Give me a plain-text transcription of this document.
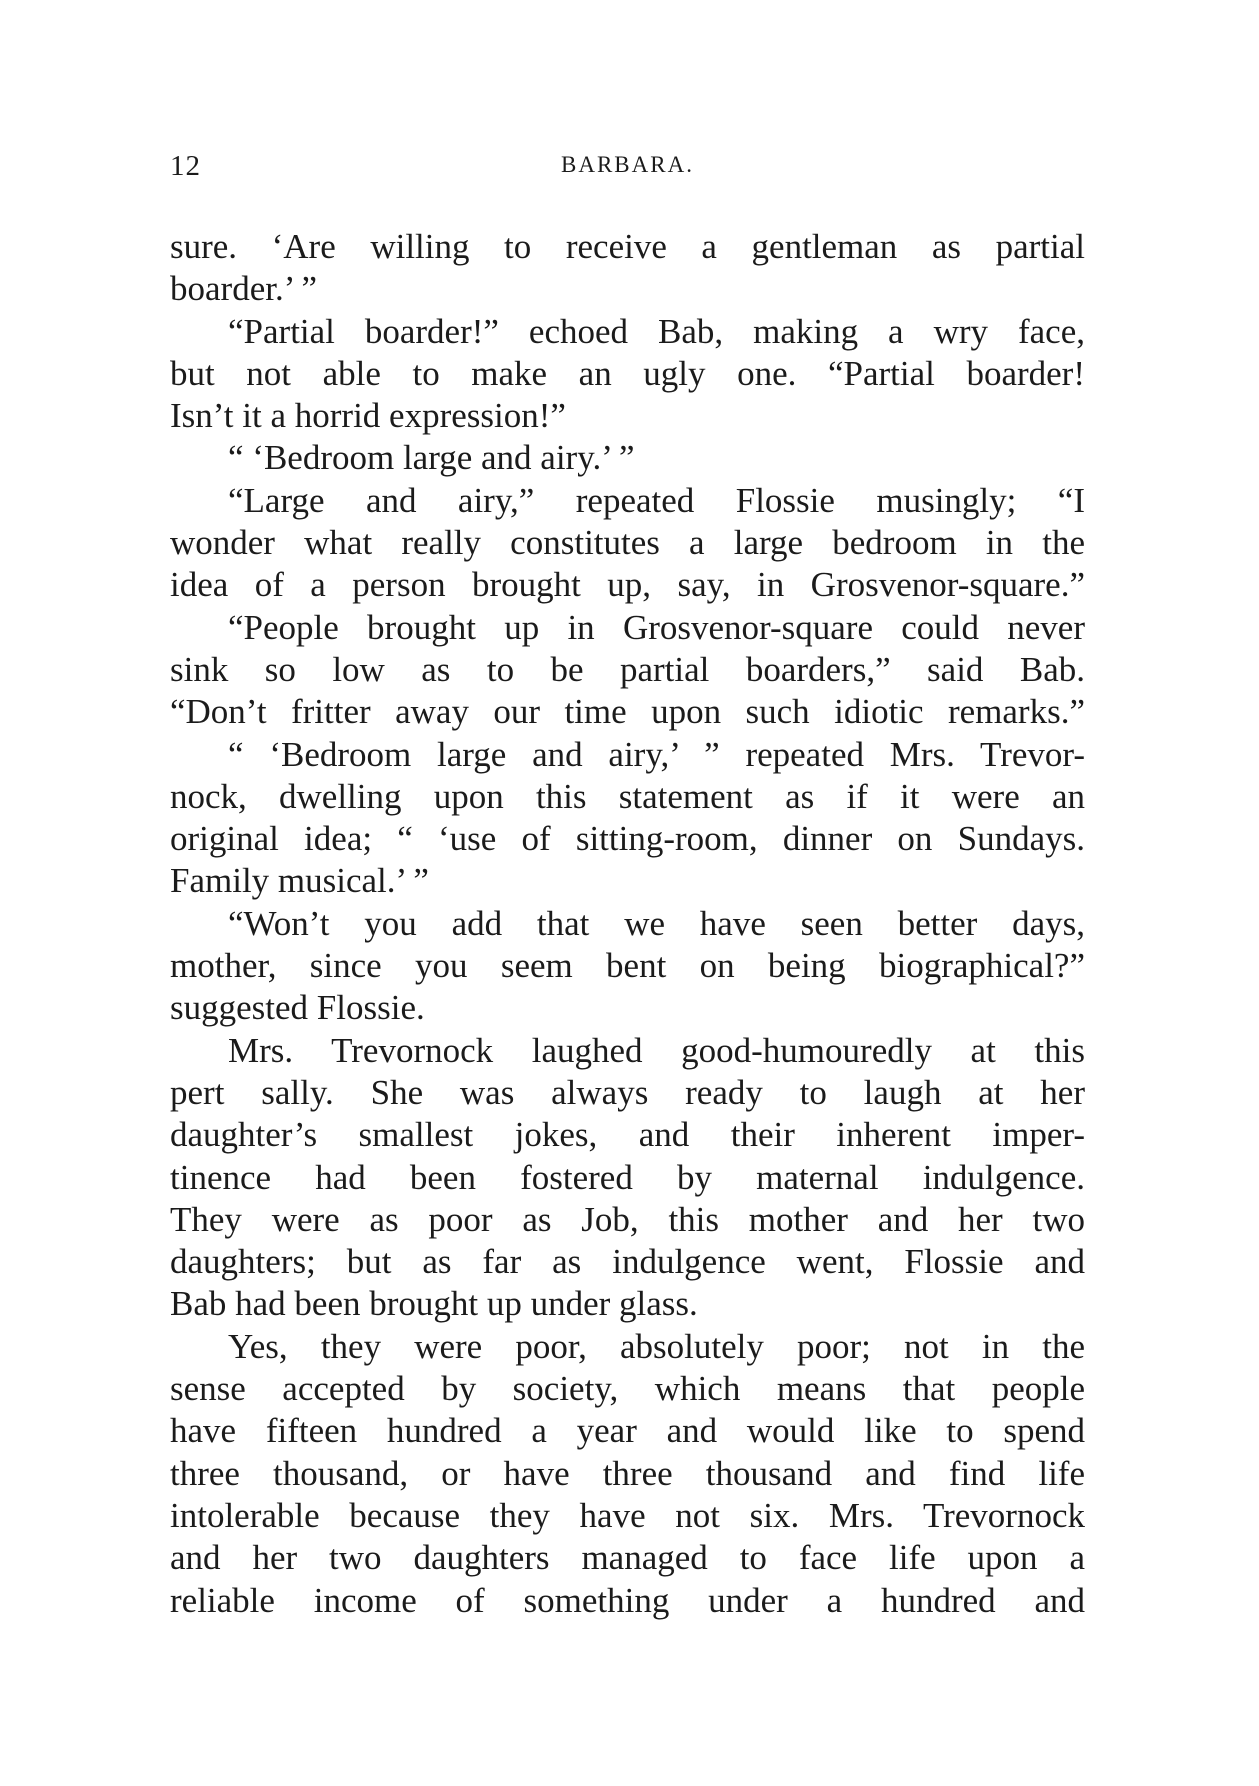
12	BARBARA.
sure. ‘Are willing to receive a gentleman as partial
boarder.’ ”
“Partial boarder!” echoed Bab, making a wry face,
but not able to make an ugly one. “Partial boarder!
Isn’t it a horrid expression!”
“ ‘Bedroom large and airy.’ ”
“Large and airy,” repeated Flossie musingly; “I
wonder what really constitutes a large bedroom in the
idea of a person brought up, say, in Grosvenor-square.”
“People brought up in Grosvenor-square could never
sink so low as to be partial boarders,” said Bab.
“Don’t fritter away our time upon such idiotic remarks.”
“ ‘Bedroom large and airy,’ ” repeated Mrs. Trevor-
nock, dwelling upon this statement as if it were an
original idea; “ ‘use of sitting-room, dinner on Sundays.
Family musical.’ ”
“Won’t you add that we have seen better days,
mother, since you seem bent on being biographical?”
suggested Flossie.
Mrs. Trevornock laughed good-humouredly at this
pert sally. She was always ready to laugh at her
daughter’s smallest jokes, and their inherent imper-
tinence had been fostered by maternal indulgence.
They were as poor as Job, this mother and her two
daughters; but as far as indulgence went, Flossie and
Bab had been brought up under glass.
Yes, they were poor, absolutely poor; not in the
sense accepted by society, which means that people
have fifteen hundred a year and would like to spend
three thousand, or have three thousand and find life
intolerable because they have not six. Mrs. Trevornock
and her two daughters managed to face life upon a
reliable income of something under a hundred and
